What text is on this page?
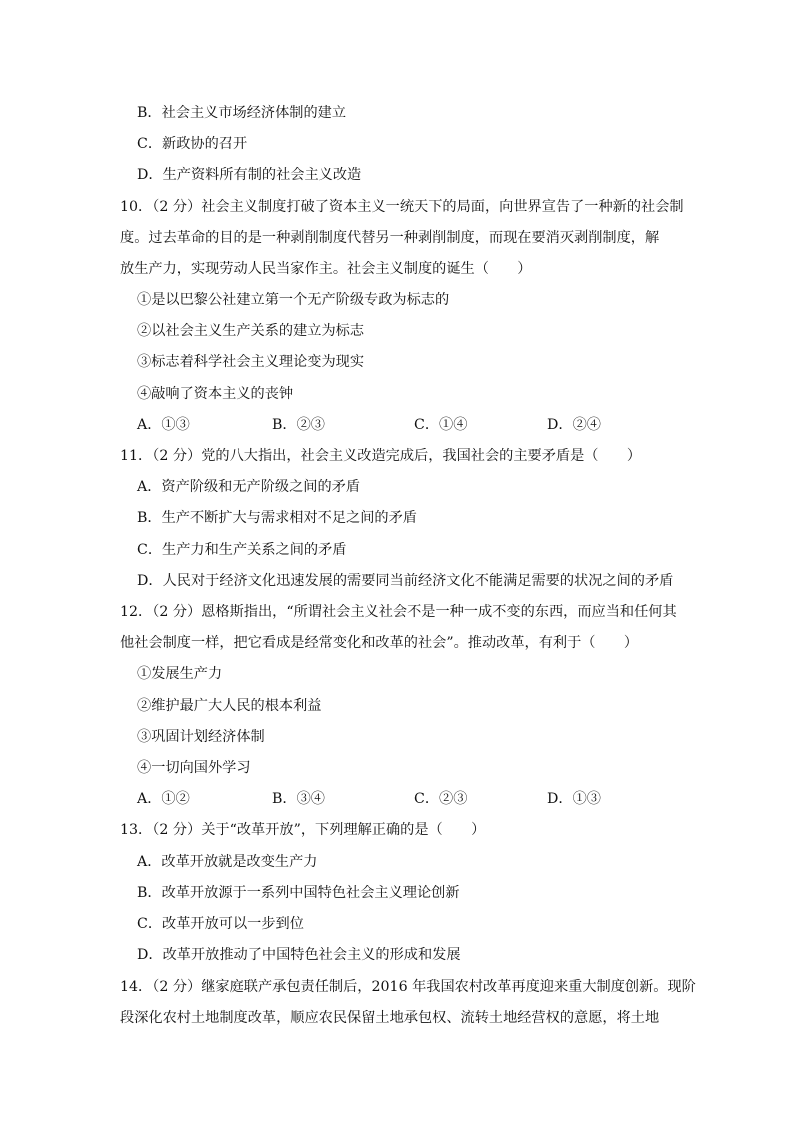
B．社会主义市场经济体制的建立
C．新政协的召开
D．生产资料所有制的社会主义改造
10．（2 分）社会主义制度打破了资本主义一统天下的局面，向世界宣告了一种新的社会制
度。过去革命的目的是一种剥削制度代替另一种剥削制度，而现在要消灭剥削制度，解
放生产力，实现劳动人民当家作主。社会主义制度的诞生（　　）
①是以巴黎公社建立第一个无产阶级专政为标志的
②以社会主义生产关系的建立为标志
③标志着科学社会主义理论变为现实
④敲响了资本主义的丧钟
A．①③	B．②③	C．①④	D．②④
11．（2 分）党的八大指出，社会主义改造完成后，我国社会的主要矛盾是（　　）
A．资产阶级和无产阶级之间的矛盾
B．生产不断扩大与需求相对不足之间的矛盾
C．生产力和生产关系之间的矛盾
D．人民对于经济文化迅速发展的需要同当前经济文化不能满足需要的状况之间的矛盾
12．（2 分）恩格斯指出，“所谓社会主义社会不是一种一成不变的东西，而应当和任何其
他社会制度一样，把它看成是经常变化和改革的社会”。推动改革，有利于（　　）
①发展生产力
②维护最广大人民的根本利益
③巩固计划经济体制
④一切向国外学习
A．①②	B．③④	C．②③	D．①③
13．（2 分）关于“改革开放”，下列理解正确的是（　　）
A．改革开放就是改变生产力
B．改革开放源于一系列中国特色社会主义理论创新
C．改革开放可以一步到位
D．改革开放推动了中国特色社会主义的形成和发展
14．（2 分）继家庭联产承包责任制后，2016 年我国农村改革再度迎来重大制度创新。现阶
段深化农村土地制度改革，顺应农民保留土地承包权、流转土地经营权的意愿，将土地
